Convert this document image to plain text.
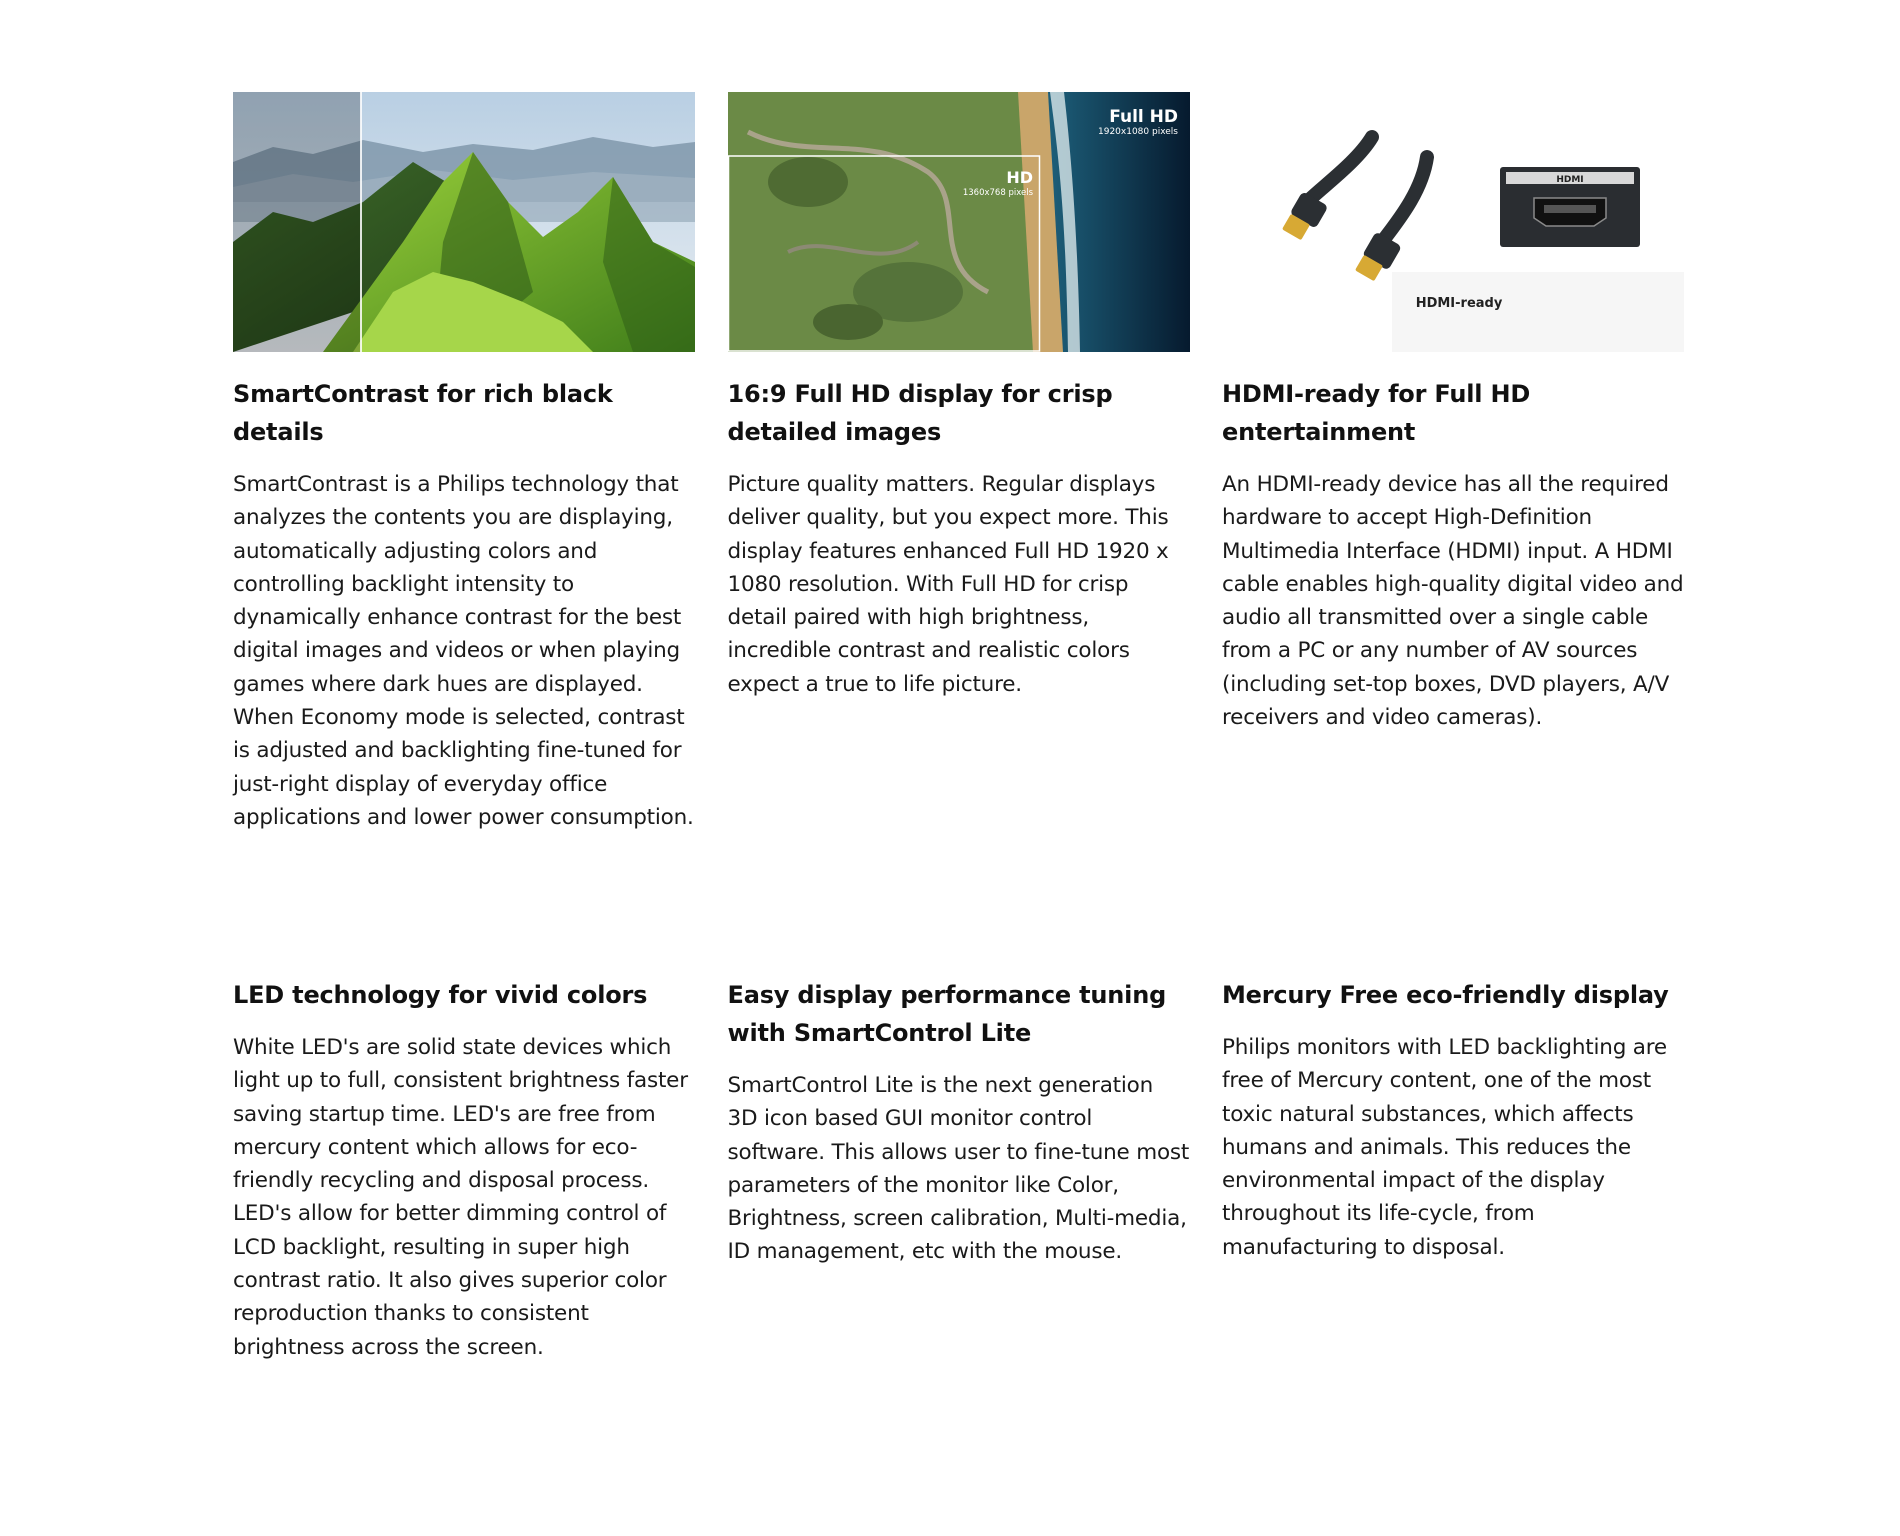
SmartContrast for rich black details

SmartContrast is a Philips technology that analyzes the contents you are displaying, automatically adjusting colors and controlling backlight intensity to dynamically enhance contrast for the best digital images and videos or when playing games where dark hues are displayed. When Economy mode is selected, contrast is adjusted and backlighting fine-tuned for just-right display of everyday office applications and lower power consumption.

Full HD
1920x1080 pixels
HD
1360x768 pixels
16:9 Full HD display for crisp detailed images

Picture quality matters. Regular displays deliver quality, but you expect more. This display features enhanced Full HD 1920 x 1080 resolution. With Full HD for crisp detail paired with high brightness, incredible contrast and realistic colors expect a true to life picture.

HDMI
HDMI-ready
HDMI-ready for Full HD entertainment

An HDMI-ready device has all the required hardware to accept High-Definition Multimedia Interface (HDMI) input. A HDMI cable enables high-quality digital video and audio all transmitted over a single cable from a PC or any number of AV sources (including set-top boxes, DVD players, A/V receivers and video cameras).

LED technology for vivid colors

White LED's are solid state devices which light up to full, consistent brightness faster saving startup time. LED's are free from mercury content which allows for eco-friendly recycling and disposal process. LED's allow for better dimming control of LCD backlight, resulting in super high contrast ratio. It also gives superior color reproduction thanks to consistent brightness across the screen.

Easy display performance tuning with SmartControl Lite

SmartControl Lite is the next generation 3D icon based GUI monitor control software. This allows user to fine-tune most parameters of the monitor like Color, Brightness, screen calibration, Multi-media, ID management, etc with the mouse.

Mercury Free eco-friendly display

Philips monitors with LED backlighting are free of Mercury content, one of the most toxic natural substances, which affects humans and animals. This reduces the environmental impact of the display throughout its life-cycle, from manufacturing to disposal.
